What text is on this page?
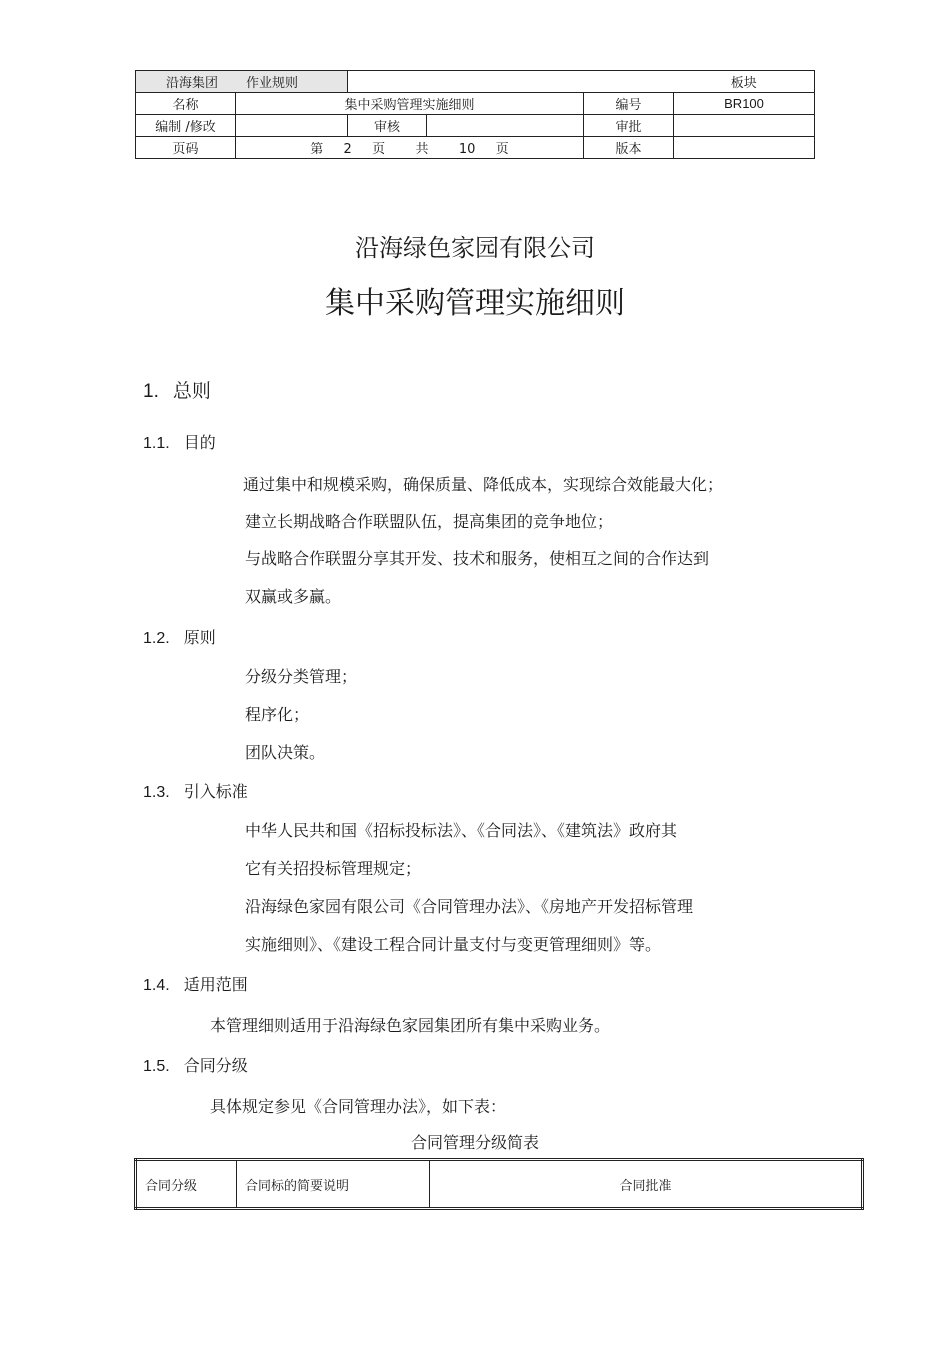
沿海集团 作业规则					板块
名称	集中采购管理实施细则			编号	BR100
编制 /修改		审核		审批	
页码	第  2  页   共   10  页			版本	
沿海绿色家园有限公司
集中采购管理实施细则
1. 总则
1.1. 目的
通过集中和规模采购，确保质量、降低成本，实现综合效能最大化；
建立长期战略合作联盟队伍，提高集团的竞争地位；
与战略合作联盟分享其开发、技术和服务，使相互之间的合作达到
双赢或多赢。
1.2. 原则
分级分类管理；
程序化；
团队决策。
1.3. 引入标准
中华人民共和国《招标投标法》、《合同法》、《建筑法》政府其
它有关招投标管理规定；
沿海绿色家园有限公司《合同管理办法》、《房地产开发招标管理
实施细则》、《建设工程合同计量支付与变更管理细则》等。
1.4. 适用范围
本管理细则适用于沿海绿色家园集团所有集中采购业务。
1.5. 合同分级
具体规定参见《合同管理办法》，如下表：
合同管理分级简表
合同分级	合同标的简要说明	合同批准
